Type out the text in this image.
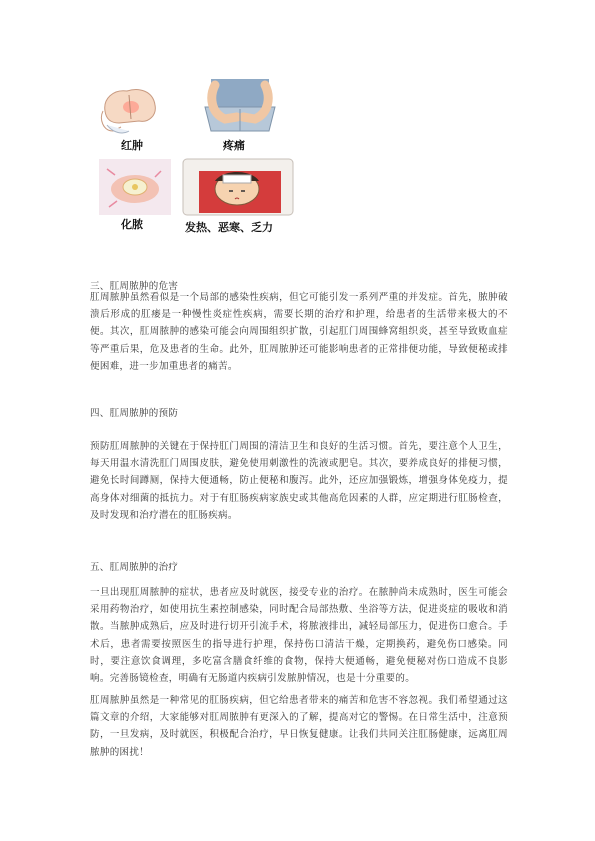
红肿	疼痛
化脓	发热、恶寒、乏力
三、肛周脓肿的危害

肛周脓肿虽然看似是一个局部的感染性疾病，但它可能引发一系列严重的并发症。首先，脓肿破溃后形成的肛瘘是一种慢性炎症性疾病，需要长期的治疗和护理，给患者的生活带来极大的不便。其次，肛周脓肿的感染可能会向周围组织扩散，引起肛门周围蜂窝组织炎，甚至导致败血症等严重后果，危及患者的生命。此外，肛周脓肿还可能影响患者的正常排便功能，导致便秘或排便困难，进一步加重患者的痛苦。

四、肛周脓肿的预防

预防肛周脓肿的关键在于保持肛门周围的清洁卫生和良好的生活习惯。首先，要注意个人卫生，每天用温水清洗肛门周围皮肤，避免使用刺激性的洗液或肥皂。其次，要养成良好的排便习惯，避免长时间蹲厕，保持大便通畅，防止便秘和腹泻。此外，还应加强锻炼，增强身体免疫力，提高身体对细菌的抵抗力。对于有肛肠疾病家族史或其他高危因素的人群，应定期进行肛肠检查，及时发现和治疗潜在的肛肠疾病。

五、肛周脓肿的治疗

一旦出现肛周脓肿的症状，患者应及时就医，接受专业的治疗。在脓肿尚未成熟时，医生可能会采用药物治疗，如使用抗生素控制感染，同时配合局部热敷、坐浴等方法，促进炎症的吸收和消散。当脓肿成熟后，应及时进行切开引流手术，将脓液排出，减轻局部压力，促进伤口愈合。手术后，患者需要按照医生的指导进行护理，保持伤口清洁干燥，定期换药，避免伤口感染。同时，要注意饮食调理，多吃富含膳食纤维的食物，保持大便通畅，避免便秘对伤口造成不良影响。完善肠镜检查，明确有无肠道内疾病引发脓肿情况，也是十分重要的。

肛周脓肿虽然是一种常见的肛肠疾病，但它给患者带来的痛苦和危害不容忽视。我们希望通过这篇文章的介绍，大家能够对肛周脓肿有更深入的了解，提高对它的警惕。在日常生活中，注意预防，一旦发病，及时就医，积极配合治疗，早日恢复健康。让我们共同关注肛肠健康，远离肛周脓肿的困扰！
